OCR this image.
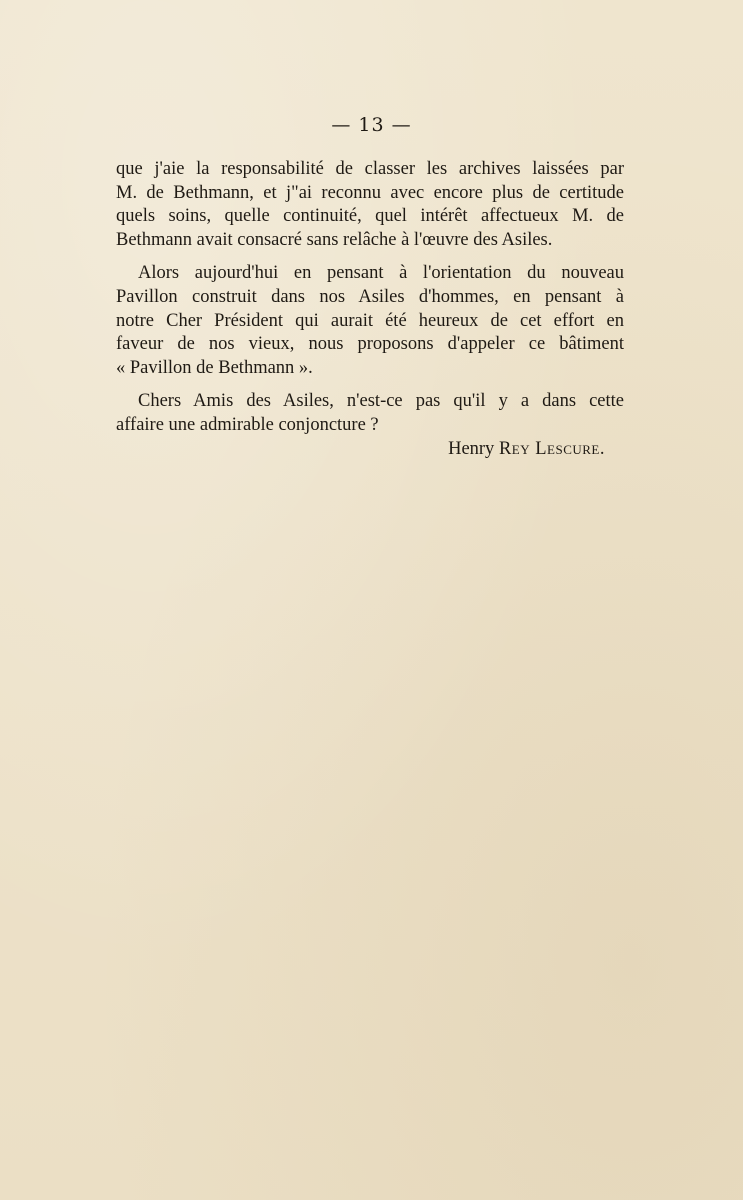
— 13 —

que j'aie la responsabilité de classer les archives laissées par
M. de Bethmann, et j"ai reconnu avec encore plus de certitude
quels soins, quelle continuité, quel intérêt affectueux M. de
Bethmann avait consacré sans relâche à l'œuvre des Asiles.

Alors aujourd'hui en pensant à l'orientation du nouveau
Pavillon construit dans nos Asiles d'hommes, en pensant à
notre Cher Président qui aurait été heureux de cet effort en
faveur de nos vieux, nous proposons d'appeler ce bâtiment
« Pavillon de Bethmann ».

Chers Amis des Asiles, n'est-ce pas qu'il y a dans cette
affaire une admirable conjoncture ?

Henry Rey Lescure.
